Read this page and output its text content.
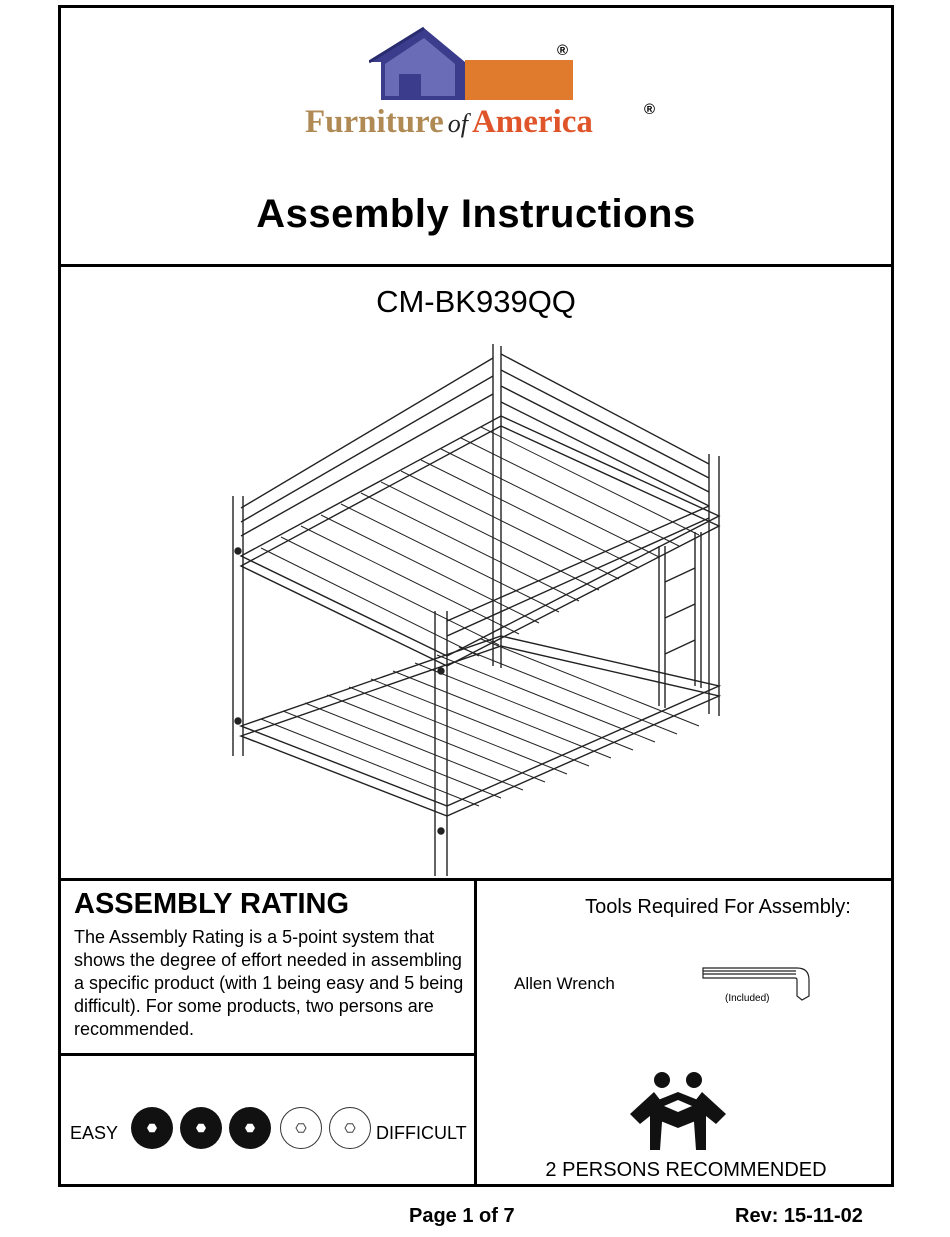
®
Furniture of America	®
Assembly Instructions
CM-BK939QQ
ASSEMBLY RATING
The Assembly Rating is a 5-point system that shows the degree of effort needed in assembling a specific product (with 1 being easy and 5 being difficult). For some products, two persons are recommended.
EASY	DIFFICULT
Tools Required For Assembly:
Allen Wrench
(Included)
2 PERSONS RECOMMENDED
Page 1 of 7	Rev: 15-11-02
